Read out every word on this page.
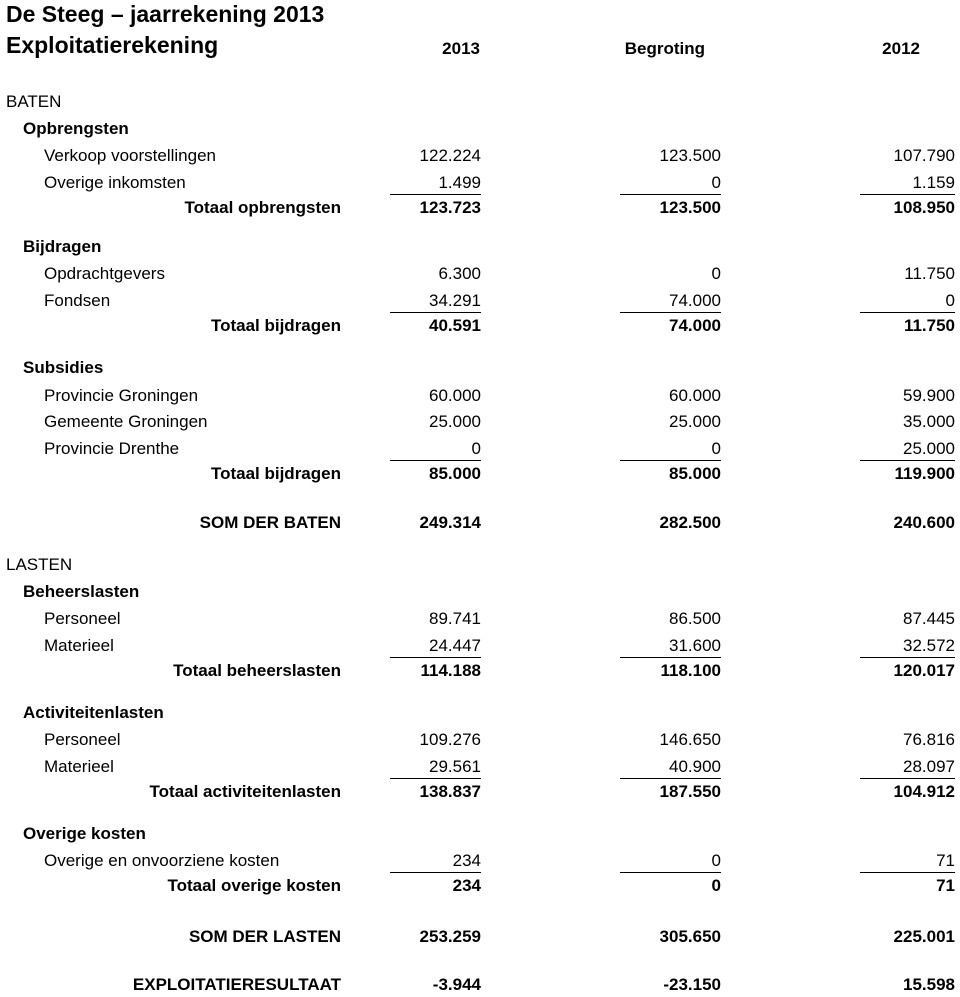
De Steeg – jaarrekening 2013
Exploitatierekening	2013	Begroting	2012
BATEN
Opbrengsten
Verkoop voorstellingen	122.224	123.500	107.790
Overige inkomsten	1.499	0	1.159
Totaal opbrengsten	123.723	123.500	108.950
Bijdragen
Opdrachtgevers	6.300	0	11.750
Fondsen	34.291	74.000	0
Totaal bijdragen	40.591	74.000	11.750
Subsidies
Provincie Groningen	60.000	60.000	59.900
Gemeente Groningen	25.000	25.000	35.000
Provincie Drenthe	0	0	25.000
Totaal bijdragen	85.000	85.000	119.900
SOM DER BATEN	249.314	282.500	240.600
LASTEN
Beheerslasten
Personeel	89.741	86.500	87.445
Materieel	24.447	31.600	32.572
Totaal beheerslasten	114.188	118.100	120.017
Activiteitenlasten
Personeel	109.276	146.650	76.816
Materieel	29.561	40.900	28.097
Totaal activiteitenlasten	138.837	187.550	104.912
Overige kosten
Overige en onvoorziene kosten	234	0	71
Totaal overige kosten	234	0	71
SOM DER LASTEN	253.259	305.650	225.001
EXPLOITATIERESULTAAT	-3.944	-23.150	15.598
